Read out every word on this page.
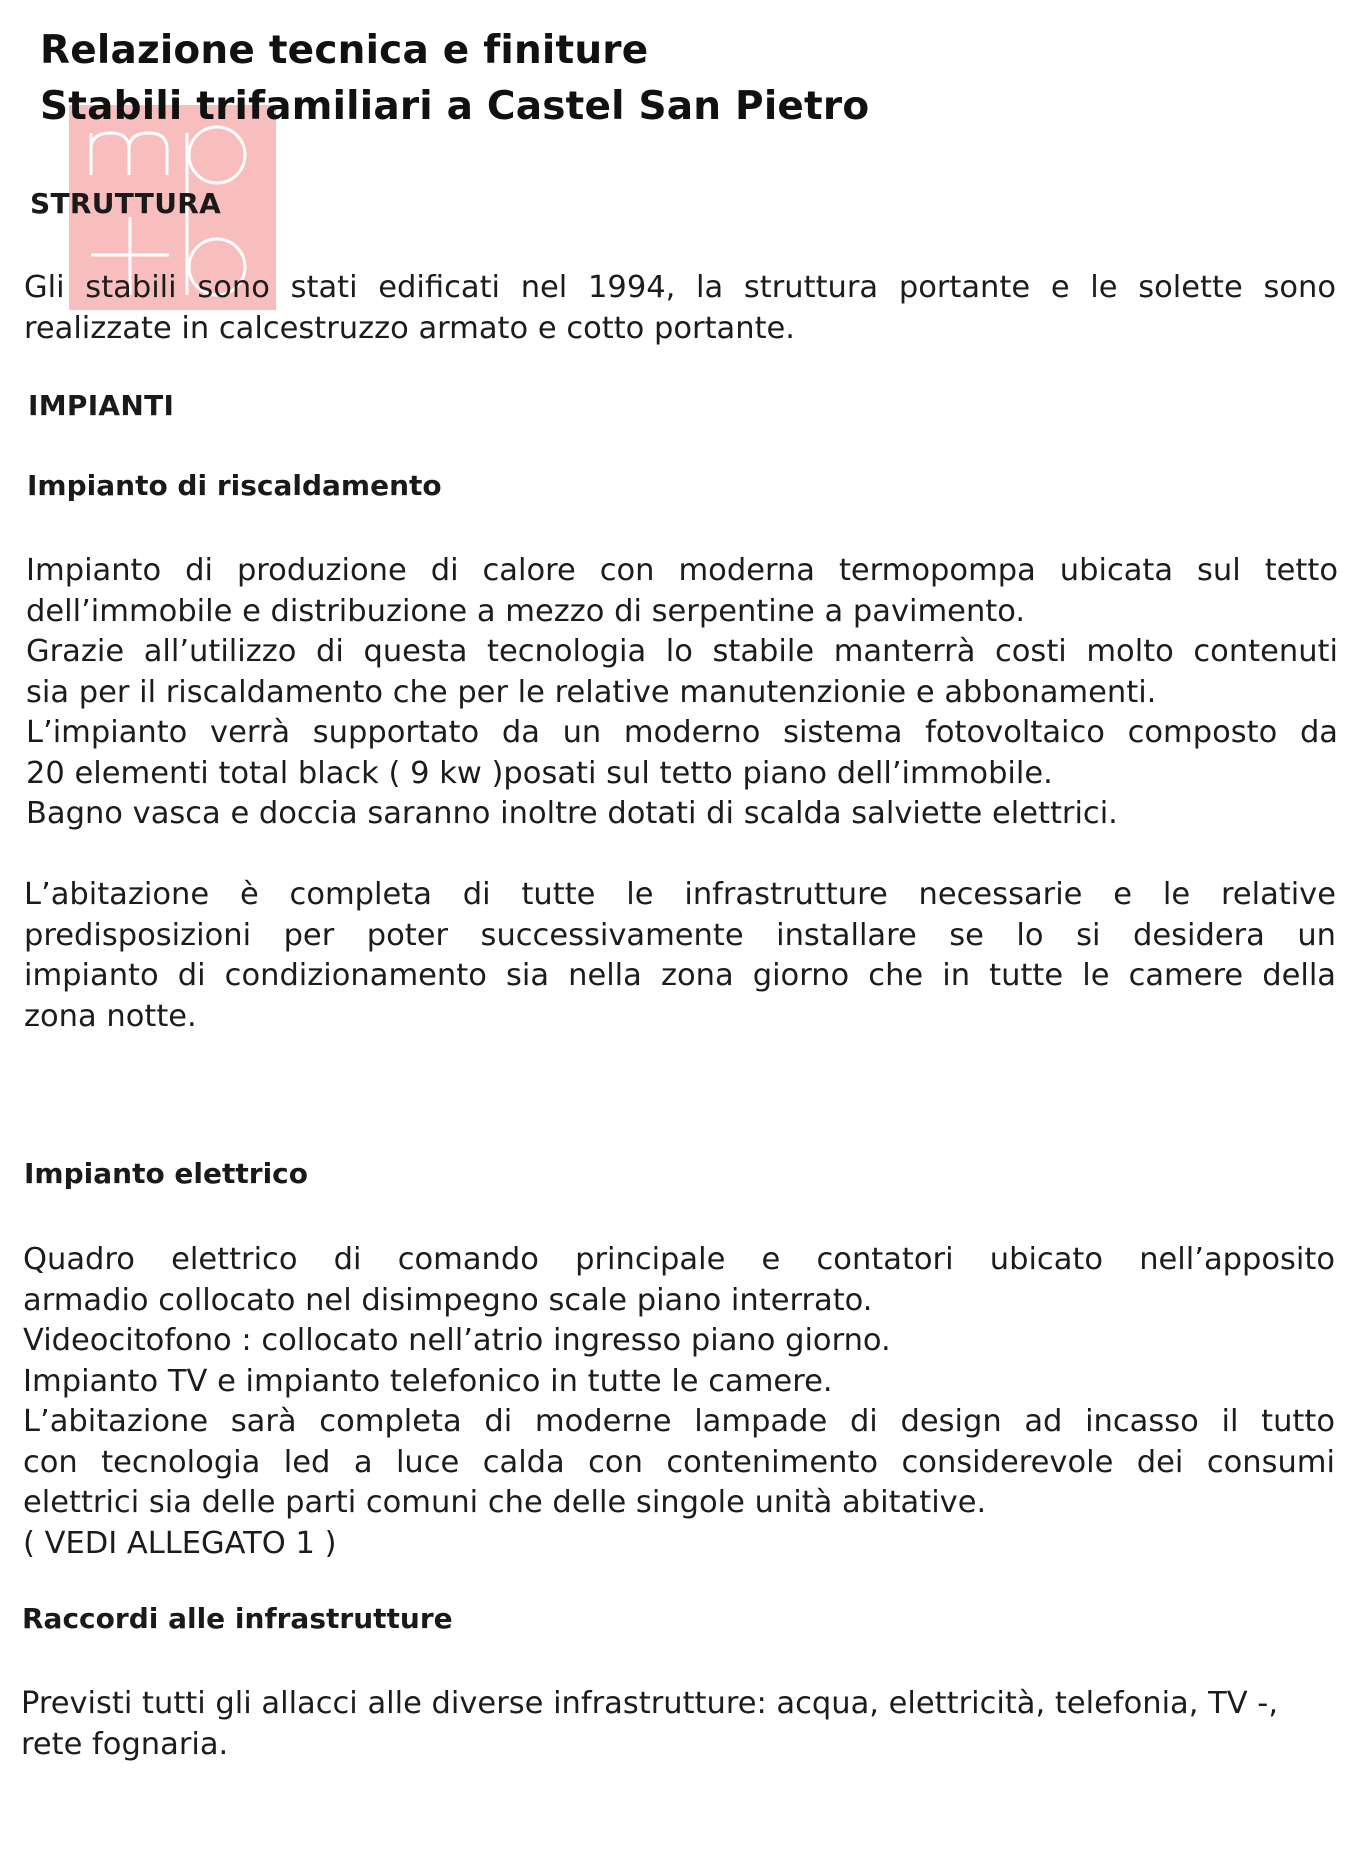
Relazione tecnica e finiture
Stabili trifamiliari a Castel San Pietro
STRUTTURA
Gli stabili sono stati edificati nel 1994, la struttura portante e le solette sono
realizzate in calcestruzzo armato e cotto portante.
IMPIANTI
Impianto di riscaldamento
Impianto di produzione di calore con moderna termopompa ubicata sul tetto
dell’immobile e distribuzione a mezzo di serpentine a pavimento.
Grazie all’utilizzo di questa tecnologia lo stabile manterrà costi molto contenuti
sia per il riscaldamento che per le relative manutenzionie e abbonamenti.
L’impianto verrà supportato da un moderno sistema fotovoltaico composto da
20 elementi total black ( 9 kw )posati sul tetto piano dell’immobile.
Bagno vasca e doccia saranno inoltre dotati di scalda salviette elettrici.
L’abitazione è completa di tutte le infrastrutture necessarie e le relative
predisposizioni per poter successivamente installare se lo si desidera un
impianto di condizionamento sia nella zona giorno che in tutte le camere della
zona notte.
Impianto elettrico
Quadro elettrico di comando principale e contatori ubicato nell’apposito
armadio collocato nel disimpegno scale piano interrato.
Videocitofono : collocato nell’atrio ingresso piano giorno.
Impianto TV e impianto telefonico in tutte le camere.
L’abitazione sarà completa di moderne lampade di design ad incasso il tutto
con tecnologia led a luce calda con contenimento considerevole dei consumi
elettrici sia delle parti comuni che delle singole unità abitative.
( VEDI ALLEGATO 1 )
Raccordi alle infrastrutture
Previsti tutti gli allacci alle diverse infrastrutture: acqua, elettricità, telefonia, TV -,
rete fognaria.
